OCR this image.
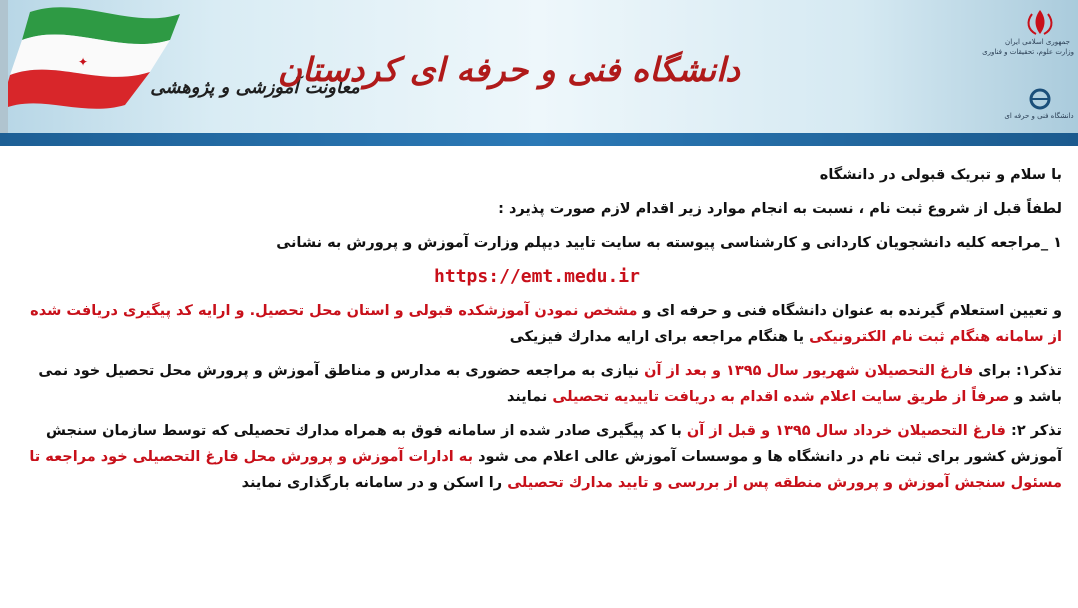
✦
معاونت آموزشی و پژوهشی
دانشگاه فنی و حرفه ای کردستان
جمهوری اسلامی ایران
وزارت علوم، تحقیقات و فناوری
دانشگاه فنی و حرفه ای

با سلام و تبریک قبولی در دانشگاه

لطفاً قبل از شروع ثبت نام ، نسبت به انجام موارد زیر اقدام لازم صورت پذیرد :

۱ _مراجعه کلیه دانشجویان کاردانی و کارشناسی پیوسته به سایت تایید دیپلم وزارت آموزش و پرورش به نشانی

https://emt.medu.ir

و تعیین استعلام گیرنده به عنوان دانشگاه فنی و حرفه ای و مشخص نمودن آموزشکده قبولی و استان محل تحصیل. و ارایه کد پیگیری دریافت شده از سامانه هنگام ثبت نام الکترونیکی یا هنگام مراجعه برای ارایه مدارك فیزیکی

تذکر۱: برای فارغ التحصیلان شهریور سال ۱۳۹۵ و بعد از آن نیازی به مراجعه حضوری به مدارس و مناطق آموزش و پرورش محل تحصیل خود نمی باشد و صرفاً از طریق سایت اعلام شده اقدام به دریافت تاییدیه تحصیلی نمایند

تذکر ۲: فارغ التحصیلان خرداد سال ۱۳۹۵ و قبل از آن با کد پیگیری صادر شده از سامانه فوق به همراه مدارك تحصیلی که توسط سازمان سنجش آموزش کشور برای ثبت نام در دانشگاه ها و موسسات آموزش عالی اعلام می شود به ادارات آموزش و پرورش محل فارغ التحصیلی خود مراجعه تا مسئول سنجش آموزش و پرورش منطقه پس از بررسی و تایید مدارك تحصیلی را اسکن و در سامانه بارگذاری نمایند
